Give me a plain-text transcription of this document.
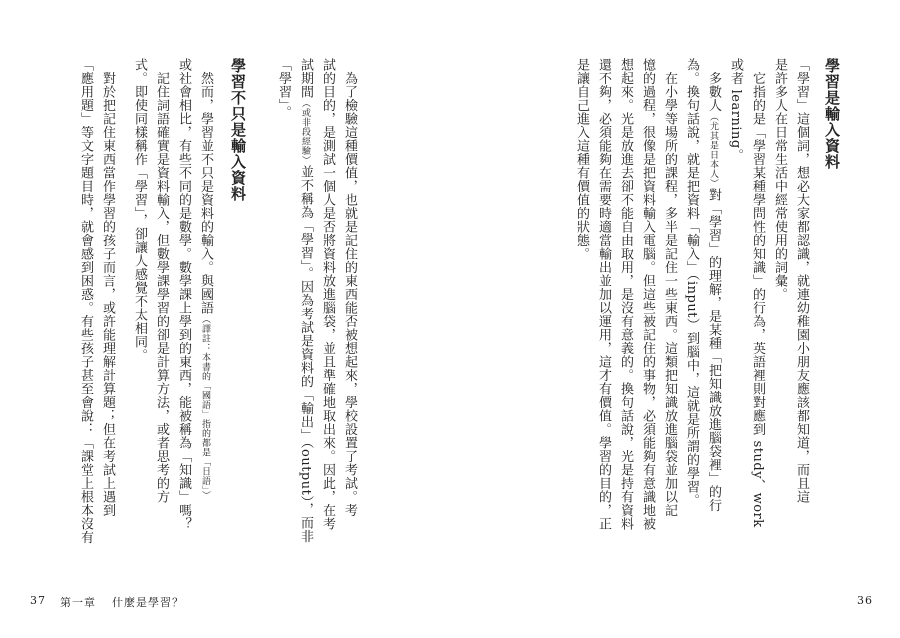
學習是輸入資料
「學習」這個詞，想必大家都認識，就連幼稚園小朋友應該都知道，而且這
是許多人在日常生活中經常使用的詞彙。
　它指的是「學習某種學問性的知識」的行為，英語裡則對應到 study、work
或者 learning。
　多數人（尤其是日本人）對「學習」的理解，是某種「把知識放進腦袋裡」的行
為。換句話說，就是把資料「輸入」（input）到腦中，這就是所謂的學習。
　在小學等場所的課程，多半是記住一些東西。這類把知識放進腦袋並加以記
憶的過程，很像是把資料輸入電腦。但這些被記住的事物，必須能夠有意識地被
想起來。光是放進去卻不能自由取用，是沒有意義的。換句話說，光是持有資料
還不夠，必須能夠在需要時適當輸出並加以運用，這才有價值。學習的目的，正
是讓自己進入這種有價值的狀態。
36
　為了檢驗這種價值，也就是記住的東西能否被想起來，學校設置了考試。考
試的目的，是測試一個人是否將資料放進腦袋，並且準確地取出來。因此，在考
試期間（或非段經驗）並不稱為「學習」。因為考試是資料的「輸出」（output），而非
「學習」。
學習不只是輸入資料
　然而，學習並不只是資料的輸入。與國語（譯註：本書的「國語」指的都是「日語」）
或社會相比，有些不同的是數學。數學課上學到的東西，能被稱為「知識」嗎？
　記住詞語確實是資料輸入，但數學課學習的卻是計算方法，或者思考的方
式。即使同樣稱作「學習」，卻讓人感覺不太相同。
　對於把記住東西當作學習的孩子而言，或許能理解計算題；但在考試上遇到
「應用題」等文字題目時，就會感到困惑。有些孩子甚至會說：「課堂上根本沒有
37 第一章 什麼是學習？
